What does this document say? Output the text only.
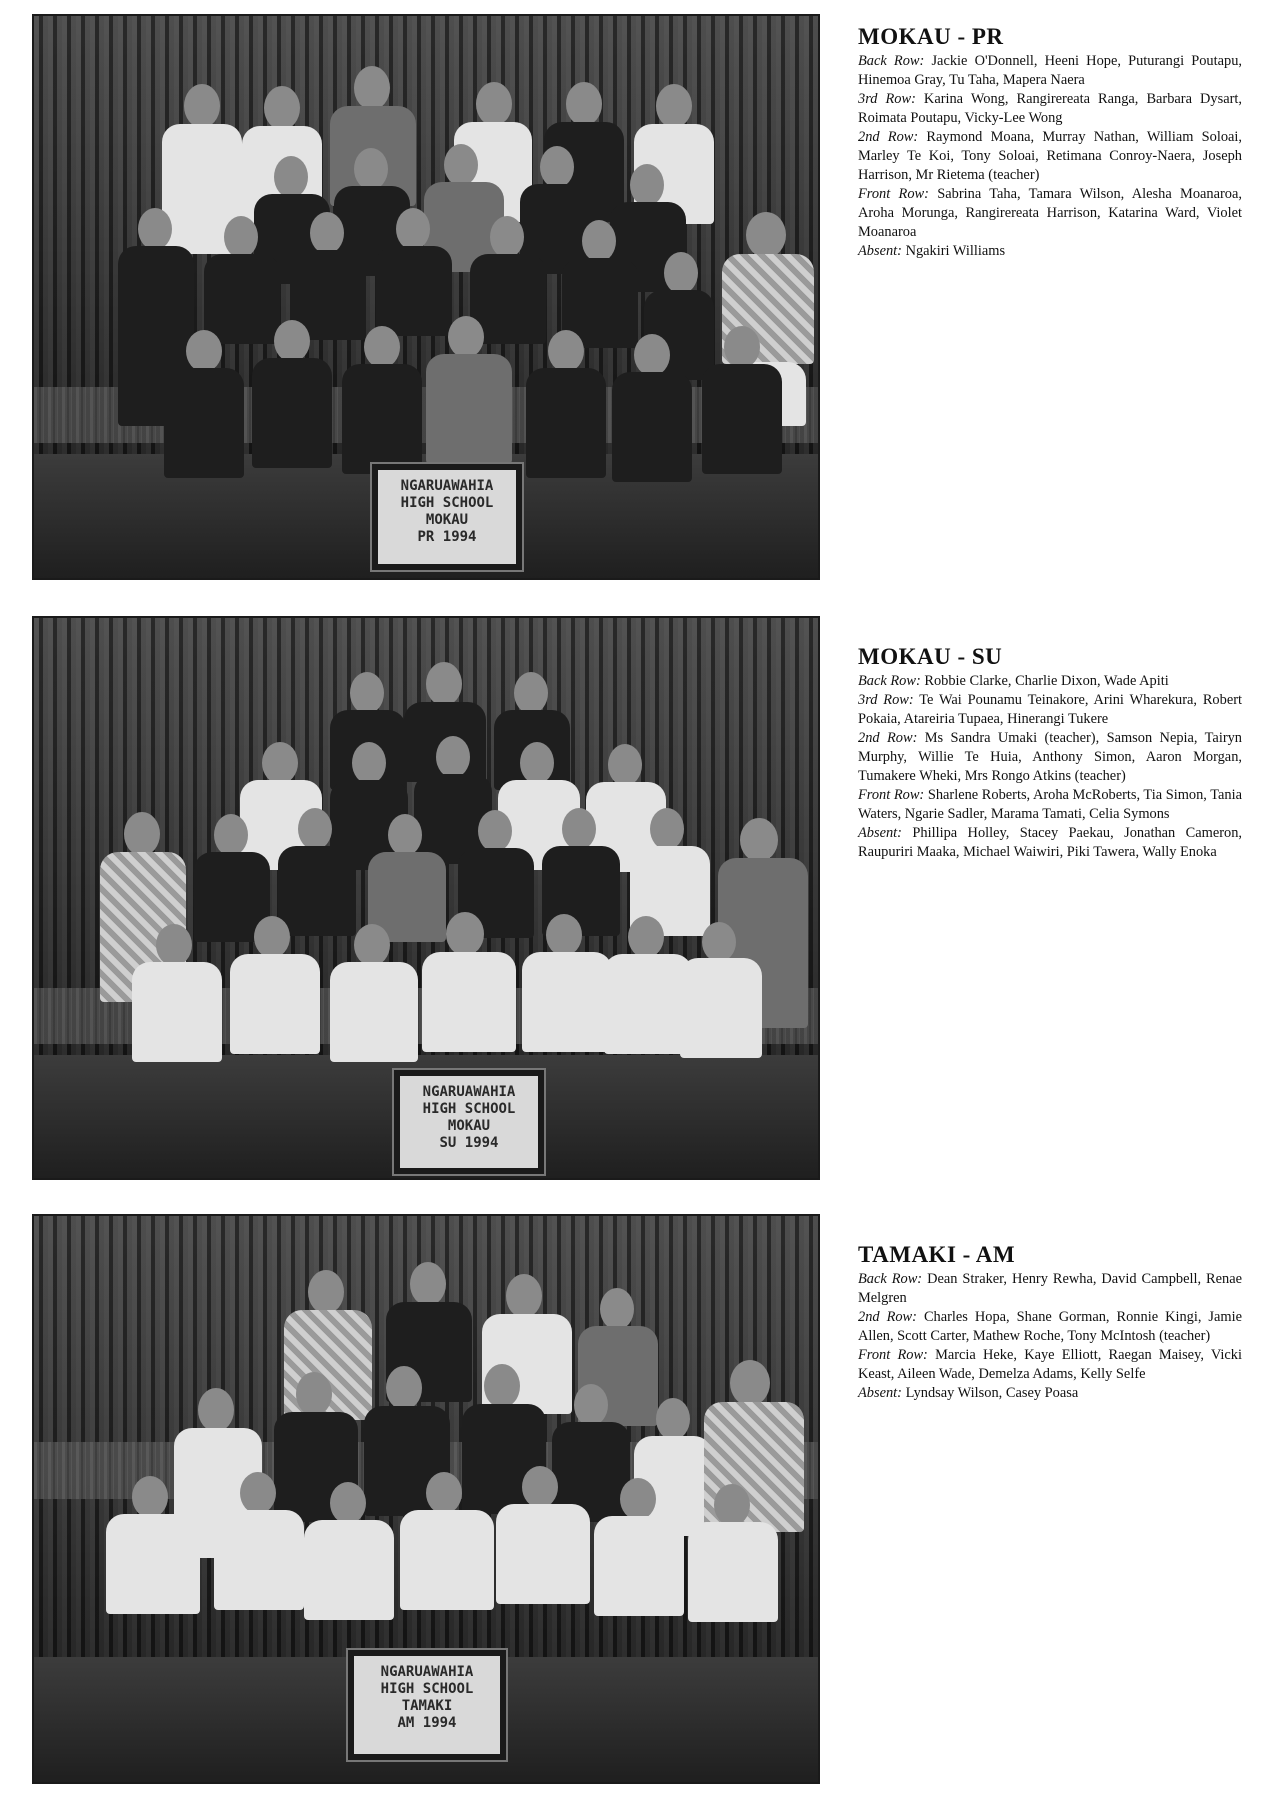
NGARUAWAHIA
HIGH SCHOOL
MOKAU
PR 1994
MOKAU - PR

Back Row: Jackie O'Donnell, Heeni Hope, Puturangi Poutapu, Hinemoa Gray, Tu Taha, Mapera Naera
3rd Row: Karina Wong, Rangirereata Ranga, Barbara Dysart, Roimata Poutapu, Vicky-Lee Wong
2nd Row: Raymond Moana, Murray Nathan, William Soloai, Marley Te Koi, Tony Soloai, Retimana Conroy-Naera, Joseph Harrison, Mr Rietema (teacher)
Front Row: Sabrina Taha, Tamara Wilson, Alesha Moanaroa, Aroha Morunga, Rangirereata Harrison, Katarina Ward, Violet Moanaroa
Absent: Ngakiri Williams

NGARUAWAHIA
HIGH SCHOOL
MOKAU
SU 1994
MOKAU - SU

Back Row: Robbie Clarke, Charlie Dixon, Wade Apiti
3rd Row: Te Wai Pounamu Teinakore, Arini Wharekura, Robert Pokaia, Atareiria Tupaea, Hinerangi Tukere
2nd Row: Ms Sandra Umaki (teacher), Samson Nepia, Tairyn Murphy, Willie Te Huia, Anthony Simon, Aaron Morgan, Tumakere Wheki, Mrs Rongo Atkins (teacher)
Front Row: Sharlene Roberts, Aroha McRoberts, Tia Simon, Tania Waters, Ngarie Sadler, Marama Tamati, Celia Symons
Absent: Phillipa Holley, Stacey Paekau, Jonathan Cameron, Raupuriri Maaka, Michael Waiwiri, Piki Tawera, Wally Enoka

NGARUAWAHIA
HIGH SCHOOL
TAMAKI
AM 1994
TAMAKI - AM

Back Row: Dean Straker, Henry Rewha, David Campbell, Renae Melgren
2nd Row: Charles Hopa, Shane Gorman, Ronnie Kingi, Jamie Allen, Scott Carter, Mathew Roche, Tony McIntosh (teacher)
Front Row: Marcia Heke, Kaye Elliott, Raegan Maisey, Vicki Keast, Aileen Wade, Demelza Adams, Kelly Selfe
Absent: Lyndsay Wilson, Casey Poasa
